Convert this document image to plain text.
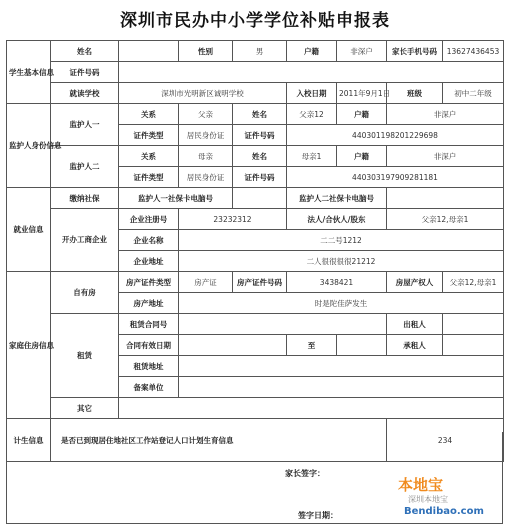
深圳市民办中小学学位补贴申报表
学生基本信息	姓名		性别	男	户籍	非深户	家长手机号码	13627436453
	证件号码							
	就读学校	深圳市光明新区诚明学校			入校日期	2011年9月1日	班级	初中二年级
监护人身份信息	监护人一	关系	父亲	姓名	父亲12	户籍	非深户	
		证件类型	居民身份证	证件号码	440301198201229698			
	监护人二	关系	母亲	姓名	母亲1	户籍	非深户	
		证件类型	居民身份证	证件号码	440303197909281181			
就业信息	缴纳社保	监护人一社保卡电脑号			监护人二社保卡电脑号			
	开办工商企业	企业注册号	23232312		法人/合伙人/股东		父亲12,母亲1	
		企业名称	二二号1212					
		企业地址	二人很很很很21212					
家庭住房信息	自有房	房产证件类型	房产证	房产证件号码	3438421		房屋产权人	父亲12,母亲1
		房产地址	时是陀佳萨发生					
	租赁	租赁合同号					出租人	
		合同有效日期			至		承租人	
		租赁地址						
		备案单位						
	其它							
计生信息	是否已到现居住地社区工作站登记人口计划生育信息						234	
家长签字：
签字日期：
本地宝
深圳本地宝
Bendibao.com
